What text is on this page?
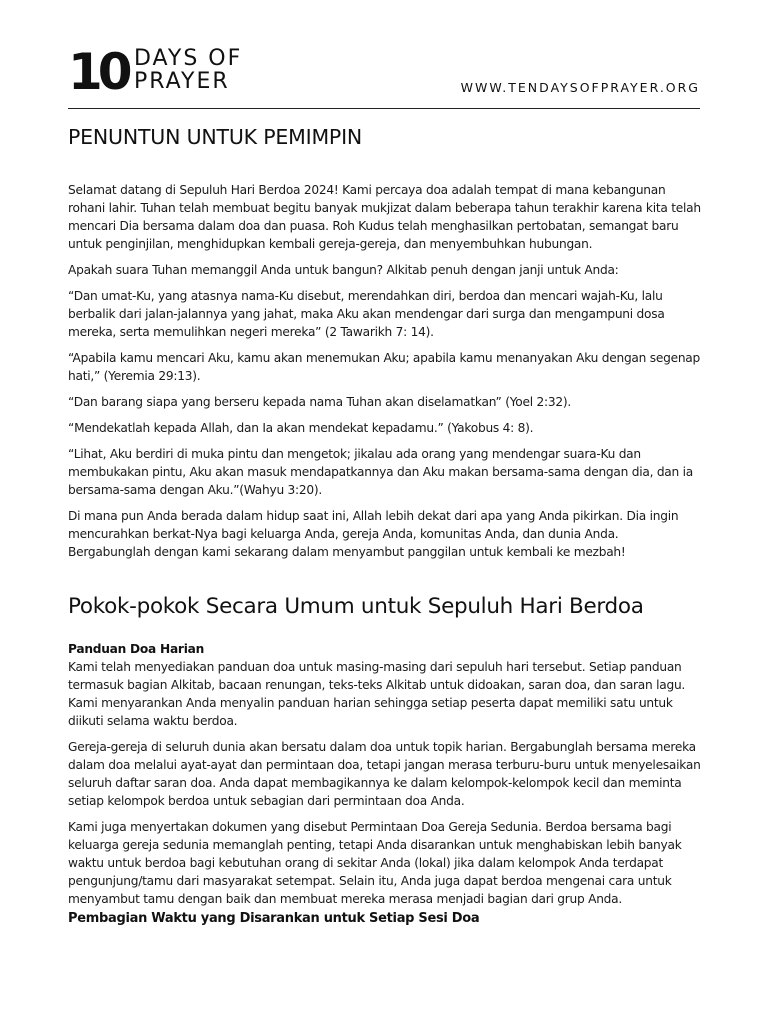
10 DAYS OF
PRAYER	WWW.TENDAYSOFPRAYER.ORG
PENUNTUN UNTUK PEMIMPIN

Selamat datang di Sepuluh Hari Berdoa 2024! Kami percaya doa adalah tempat di mana kebangunan rohani lahir. Tuhan telah membuat begitu banyak mukjizat dalam beberapa tahun terakhir karena kita telah mencari Dia bersama dalam doa dan puasa. Roh Kudus telah menghasilkan pertobatan, semangat baru untuk penginjilan, menghidupkan kembali gereja-gereja, dan menyembuhkan hubungan.

Apakah suara Tuhan memanggil Anda untuk bangun? Alkitab penuh dengan janji untuk Anda:

“Dan umat-Ku, yang atasnya nama-Ku disebut, merendahkan diri, berdoa dan mencari wajah-Ku, lalu berbalik dari jalan-jalannya yang jahat, maka Aku akan mendengar dari surga dan mengampuni dosa mereka, serta memulihkan negeri mereka” (2 Tawarikh 7: 14).

“Apabila kamu mencari Aku, kamu akan menemukan Aku; apabila kamu menanyakan Aku dengan segenap hati,” (Yeremia 29:13).

“Dan barang siapa yang berseru kepada nama Tuhan akan diselamatkan” (Yoel 2:32).

“Mendekatlah kepada Allah, dan Ia akan mendekat kepadamu.” (Yakobus 4: 8).

“Lihat, Aku berdiri di muka pintu dan mengetok; jikalau ada orang yang mendengar suara-Ku dan membukakan pintu, Aku akan masuk mendapatkannya dan Aku makan bersama-sama dengan dia, dan ia bersama-sama dengan Aku.”(Wahyu 3:20).

Di mana pun Anda berada dalam hidup saat ini, Allah lebih dekat dari apa yang Anda pikirkan. Dia ingin mencurahkan berkat-Nya bagi keluarga Anda, gereja Anda, komunitas Anda, dan dunia Anda. Bergabunglah dengan kami sekarang dalam menyambut panggilan untuk kembali ke mezbah!

Pokok-pokok Secara Umum untuk Sepuluh Hari Berdoa
Panduan Doa Harian

Kami telah menyediakan panduan doa untuk masing-masing dari sepuluh hari tersebut. Setiap panduan termasuk bagian Alkitab, bacaan renungan, teks-teks Alkitab untuk didoakan, saran doa, dan saran lagu. Kami menyarankan Anda menyalin panduan harian sehingga setiap peserta dapat memiliki satu untuk diikuti selama waktu berdoa.

Gereja-gereja di seluruh dunia akan bersatu dalam doa untuk topik harian. Bergabunglah bersama mereka dalam doa melalui ayat-ayat dan permintaan doa, tetapi jangan merasa terburu-buru untuk menyelesaikan seluruh daftar saran doa. Anda dapat membagikannya ke dalam kelompok-kelompok kecil dan meminta setiap kelompok berdoa untuk sebagian dari permintaan doa Anda.

Kami juga menyertakan dokumen yang disebut Permintaan Doa Gereja Sedunia. Berdoa bersama bagi keluarga gereja sedunia memanglah penting, tetapi Anda disarankan untuk menghabiskan lebih banyak waktu untuk berdoa bagi kebutuhan orang di sekitar Anda (lokal) jika dalam kelompok Anda terdapat pengunjung/tamu dari masyarakat setempat. Selain itu, Anda juga dapat berdoa mengenai cara untuk menyambut tamu dengan baik dan membuat mereka merasa menjadi bagian dari grup Anda.

Pembagian Waktu yang Disarankan untuk Setiap Sesi Doa
